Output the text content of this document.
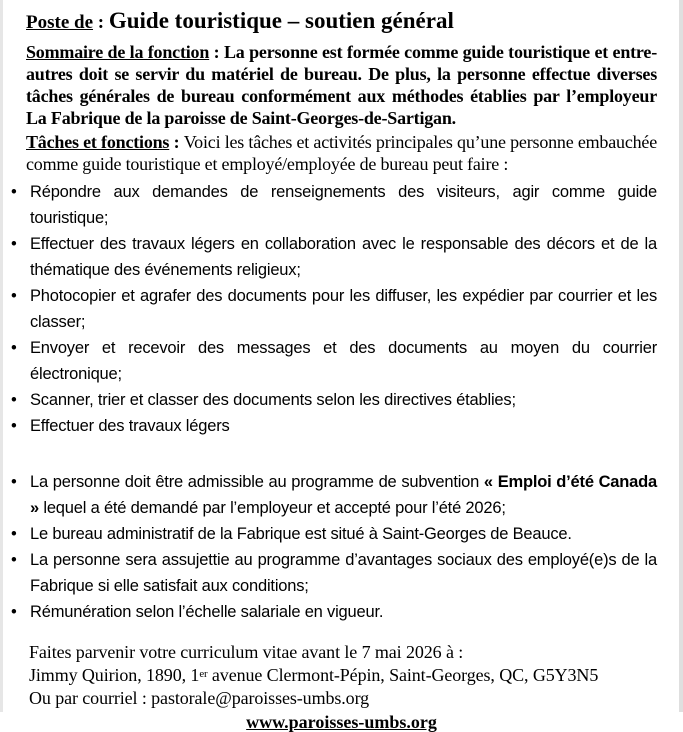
Poste de : Guide touristique – soutien général

Sommaire de la fonction : La personne est formée comme guide touristique et entre-autres doit se servir du matériel de bureau. De plus, la personne effectue diverses tâches générales de bureau conformément aux méthodes établies par l’employeur La Fabrique de la paroisse de Saint-Georges-de-Sartigan.

Tâches et fonctions : Voici les tâches et activités principales qu’une personne embauchée comme guide touristique et employé/employée de bureau peut faire :

• Répondre aux demandes de renseignements des visiteurs, agir comme guide touristique;
• Effectuer des travaux légers en collaboration avec le responsable des décors et de la thématique des événements religieux;
• Photocopier et agrafer des documents pour les diffuser, les expédier par courrier et les classer;
• Envoyer et recevoir des messages et des documents au moyen du courrier électronique;
• Scanner, trier et classer des documents selon les directives établies;
• Effectuer des travaux légers
• La personne doit être admissible au programme de subvention « Emploi d’été Canada » lequel a été demandé par l’employeur et accepté pour l’été 2026;
• Le bureau administratif de la Fabrique est situé à Saint-Georges de Beauce.
• La personne sera assujettie au programme d’avantages sociaux des employé(e)s de la Fabrique si elle satisfait aux conditions;
• Rémunération selon l’échelle salariale en vigueur.

Faites parvenir votre curriculum vitae avant le 7 mai 2026 à :

Jimmy Quirion, 1890, 1er avenue Clermont-Pépin, Saint-Georges, QC, G5Y3N5

Ou par courriel : pastorale@paroisses-umbs.org

www.paroisses-umbs.org
